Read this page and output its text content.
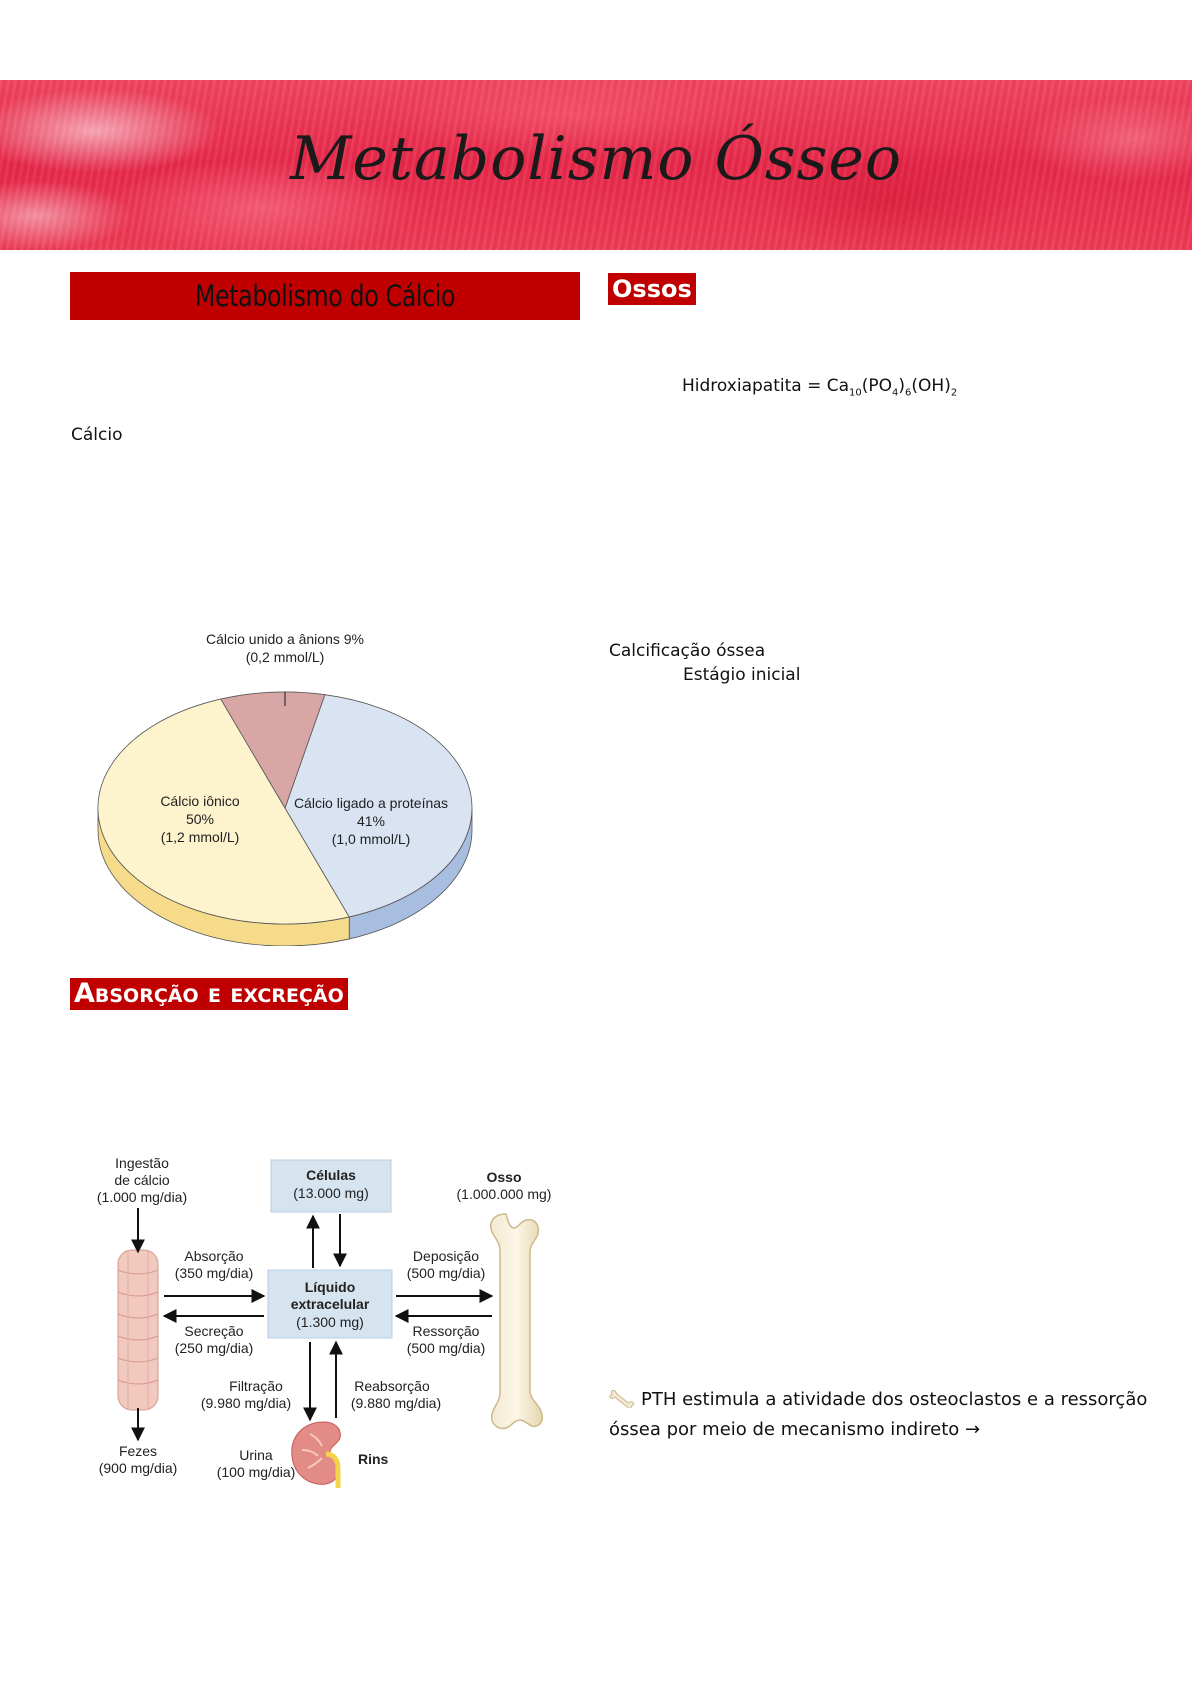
Metabolismo Ósseo
Metabolismo do Cálcio
Cálcio
Cálcio unido a ânions 9%
(0,2 mmol/L)
Cálcio iônico
50%
(1,2 mmol/L)
Cálcio ligado a proteínas
41%
(1,0 mmol/L)
Absorção e excreção
Células
(13.000 mg)
Líquido
extracelular
(1.300 mg)
Ingestão
de cálcio
(1.000 mg/dia)
Fezes
(900 mg/dia)
Absorção
(350 mg/dia)
Secreção
(250 mg/dia)
Osso
(1.000.000 mg)
Deposição
(500 mg/dia)
Ressorção
(500 mg/dia)
Filtração
(9.980 mg/dia)
Reabsorção
(9.880 mg/dia)
Rins
Urina
(100 mg/dia)
Ossos
Hidroxiapatita = $Ca_{10}(PO_4)_6(OH)_2$
Calcificação óssea
Estágio inicial
PTH estimula a atividade dos osteoclastos e a ressorção
óssea por meio de mecanismo indireto →
